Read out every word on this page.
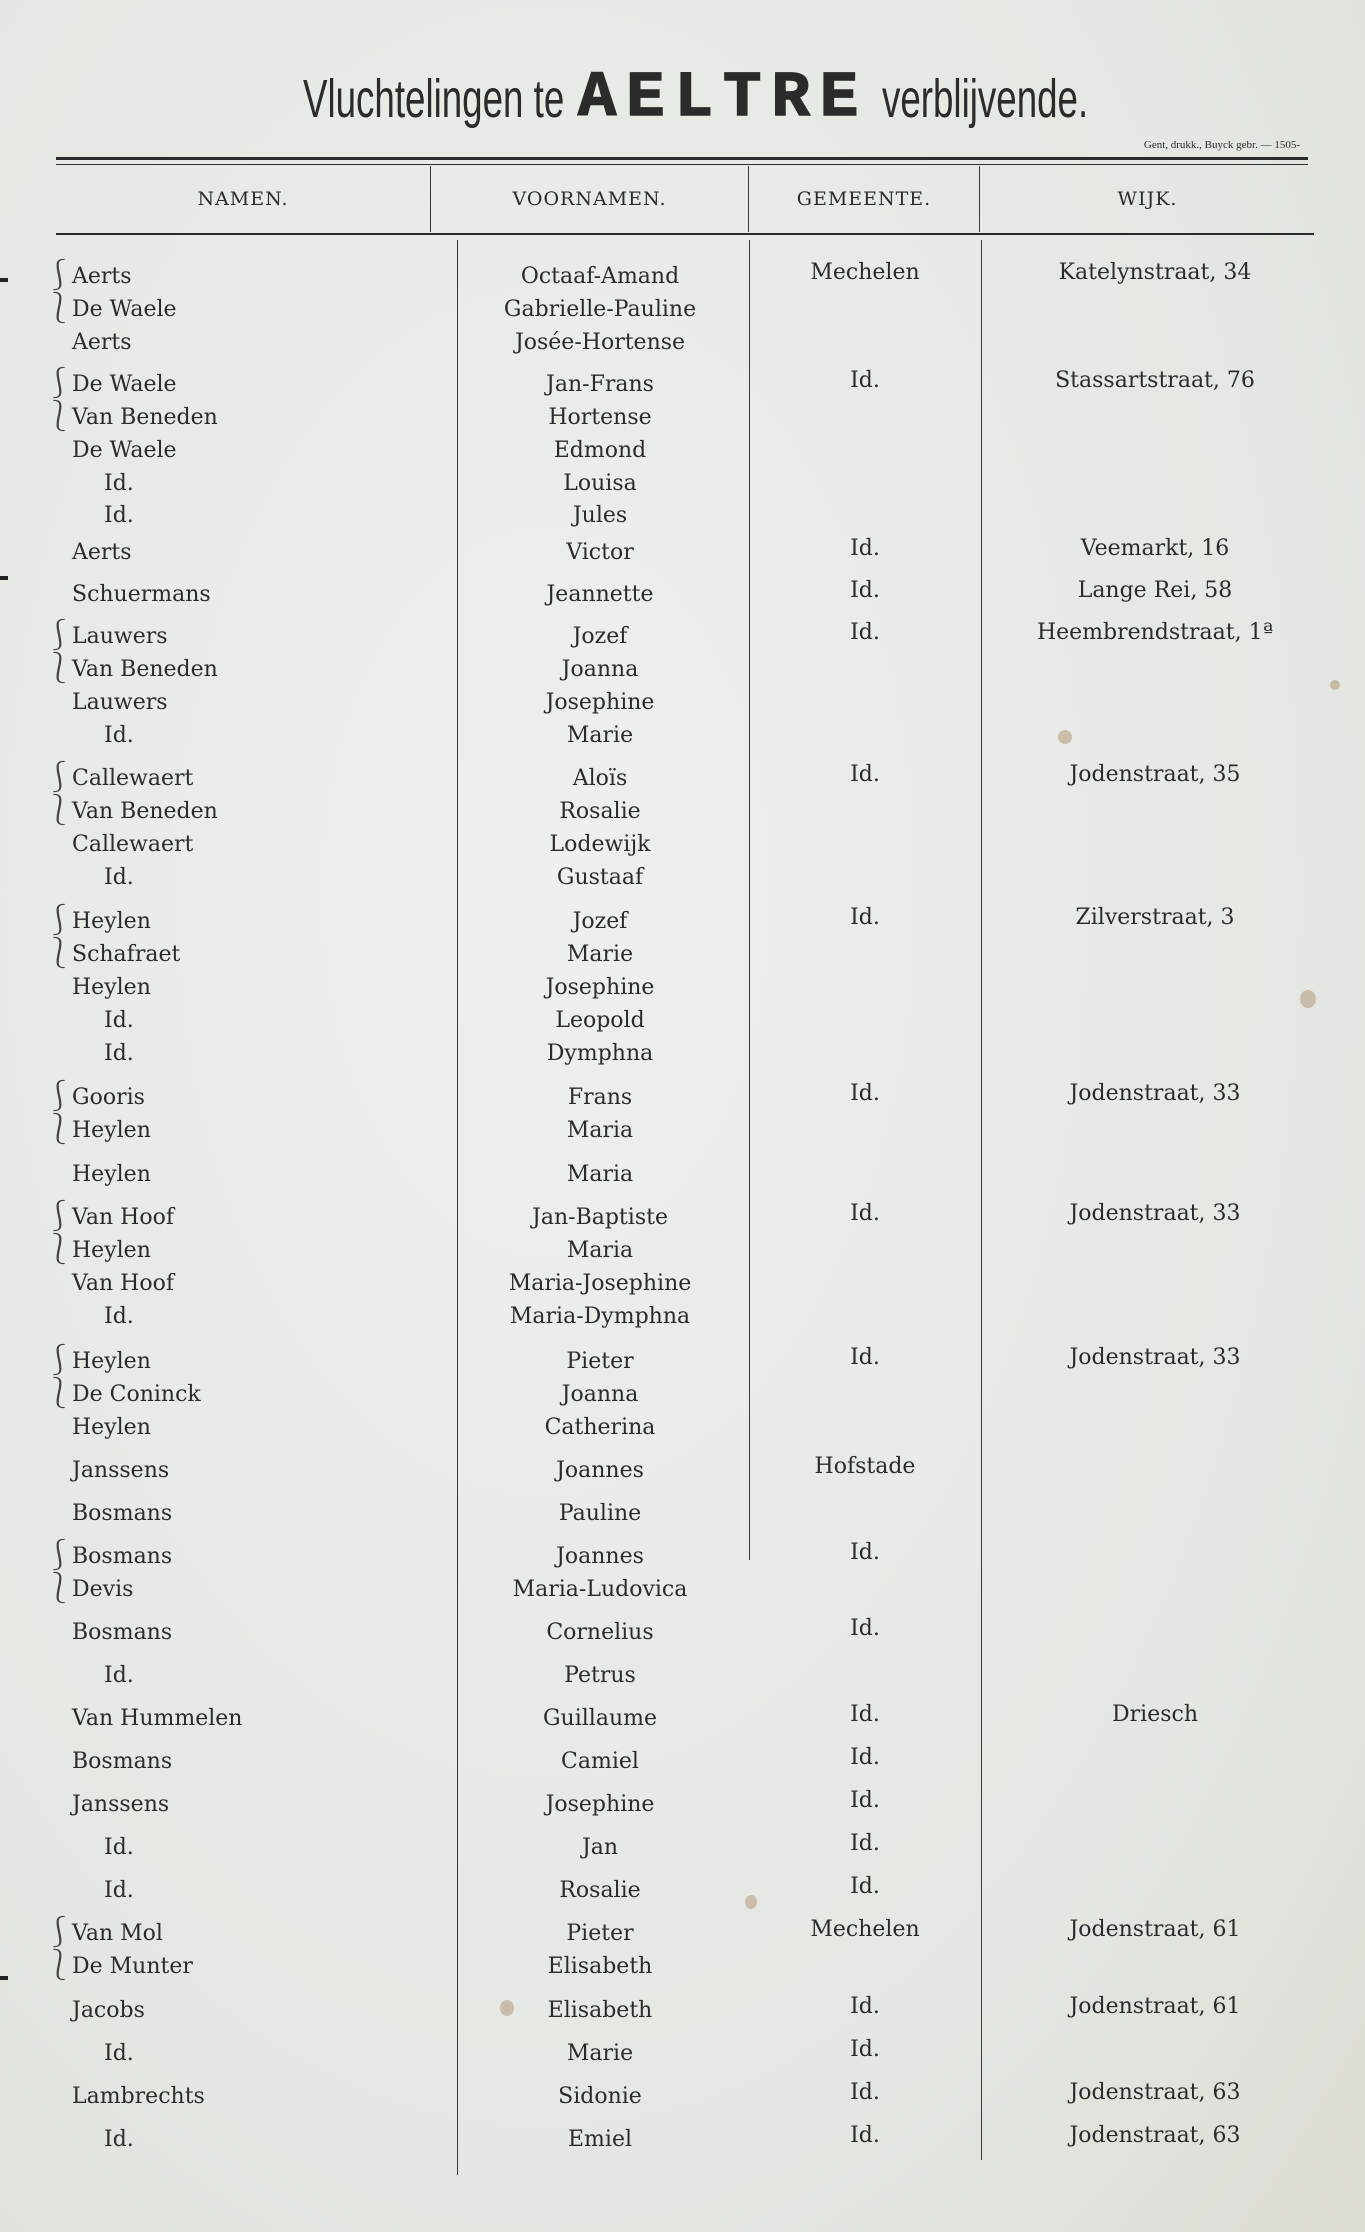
Vluchtelingen te AELTRE verblijvende.
Gent, drukk., Buyck gebr. — 1505-
NAMEN.	VOORNAMEN.	GEMEENTE.	WIJK.
Aerts	Octaaf-Amand	Mechelen	Katelynstraat, 34
⎰
De Waele	Gabrielle-Pauline
⎱
Aerts	Josée-Hortense
De Waele	Jan-Frans	Id.	Stassartstraat, 76
⎰
Van Beneden	Hortense
⎱
De Waele	Edmond
Id.	Louisa
Id.	Jules
Aerts	Victor	Id.	Veemarkt, 16
Schuermans	Jeannette	Id.	Lange Rei, 58
Lauwers	Jozef	Id.	Heembrendstraat, 1ª
⎰
Van Beneden	Joanna
⎱
Lauwers	Josephine
Id.	Marie
Callewaert	Aloïs	Id.	Jodenstraat, 35
⎰
Van Beneden	Rosalie
⎱
Callewaert	Lodewijk
Id.	Gustaaf
Heylen	Jozef	Id.	Zilverstraat, 3
⎰
Schafraet	Marie
⎱
Heylen	Josephine
Id.	Leopold
Id.	Dymphna
Gooris	Frans	Id.	Jodenstraat, 33
⎰
Heylen	Maria
⎱
Heylen	Maria
Van Hoof	Jan-Baptiste	Id.	Jodenstraat, 33
⎰
Heylen	Maria
⎱
Van Hoof	Maria-Josephine
Id.	Maria-Dymphna
Heylen	Pieter	Id.	Jodenstraat, 33
⎰
De Coninck	Joanna
⎱
Heylen	Catherina
Janssens	Joannes	Hofstade
Bosmans	Pauline
Bosmans	Joannes	Id.
⎰
Devis	Maria-Ludovica
⎱
Bosmans	Cornelius	Id.
Id.	Petrus
Van Hummelen	Guillaume	Id.	Driesch
Bosmans	Camiel	Id.
Janssens	Josephine	Id.
Id.	Jan	Id.
Id.	Rosalie	Id.
Van Mol	Pieter	Mechelen	Jodenstraat, 61
⎰
De Munter	Elisabeth
⎱
Jacobs	Elisabeth	Id.	Jodenstraat, 61
Id.	Marie	Id.
Lambrechts	Sidonie	Id.	Jodenstraat, 63
Id.	Emiel	Id.	Jodenstraat, 63
